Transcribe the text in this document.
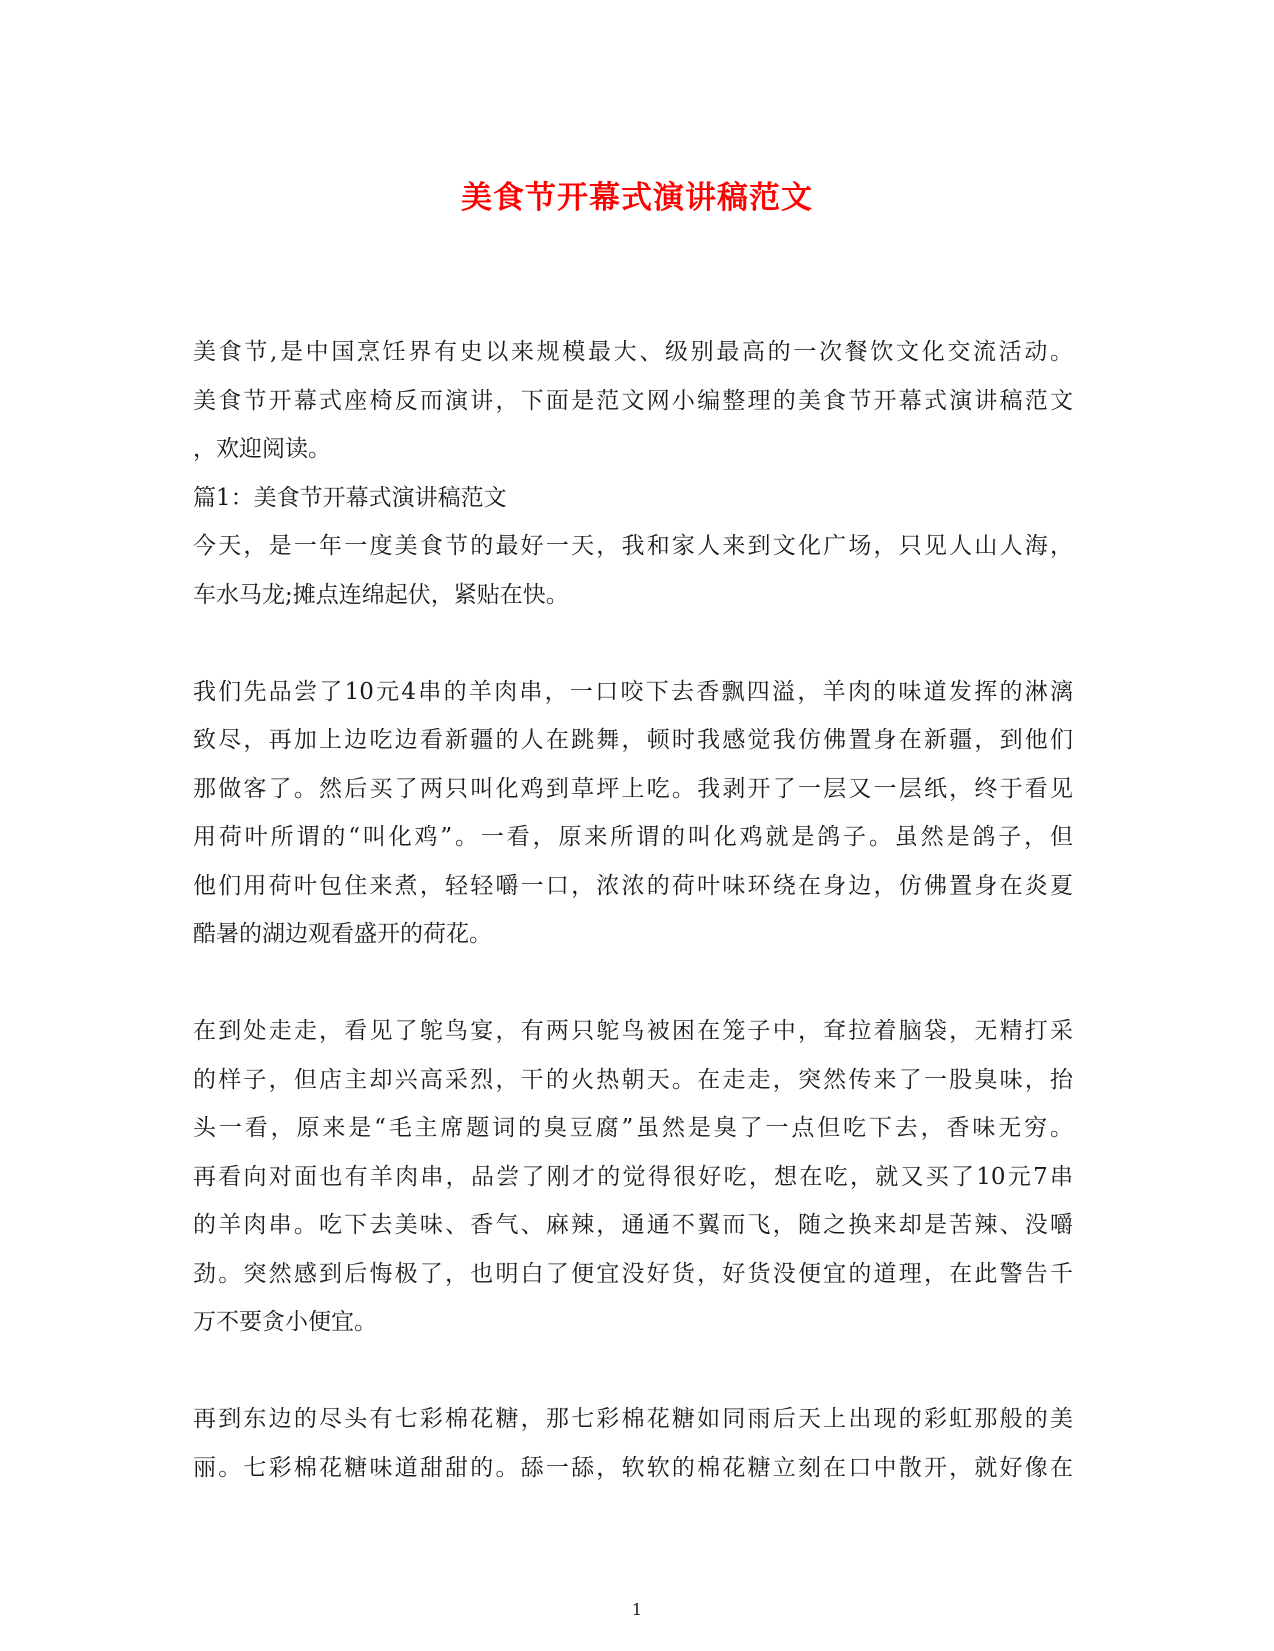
美食节开幕式演讲稿范文
美食节,是中国烹饪界有史以来规模最大、级别最高的一次餐饮文化交流活动。
美食节开幕式座椅反而演讲，下面是范文网小编整理的美食节开幕式演讲稿范文
，欢迎阅读。
篇1：美食节开幕式演讲稿范文
今天，是一年一度美食节的最好一天，我和家人来到文化广场，只见人山人海，
车水马龙;摊点连绵起伏，紧贴在快。
我们先品尝了10元4串的羊肉串，一口咬下去香飘四溢，羊肉的味道发挥的淋漓
致尽，再加上边吃边看新疆的人在跳舞，顿时我感觉我仿佛置身在新疆，到他们
那做客了。然后买了两只叫化鸡到草坪上吃。我剥开了一层又一层纸，终于看见
用荷叶所谓的“叫化鸡”。一看，原来所谓的叫化鸡就是鸽子。虽然是鸽子，但
他们用荷叶包住来煮，轻轻嚼一口，浓浓的荷叶味环绕在身边，仿佛置身在炎夏
酷暑的湖边观看盛开的荷花。
在到处走走，看见了鸵鸟宴，有两只鸵鸟被困在笼子中，耷拉着脑袋，无精打采
的样子，但店主却兴高采烈，干的火热朝天。在走走，突然传来了一股臭味，抬
头一看，原来是“毛主席题词的臭豆腐”虽然是臭了一点但吃下去，香味无穷。
再看向对面也有羊肉串，品尝了刚才的觉得很好吃，想在吃，就又买了10元7串
的羊肉串。吃下去美味、香气、麻辣，通通不翼而飞，随之换来却是苦辣、没嚼
劲。突然感到后悔极了，也明白了便宜没好货，好货没便宜的道理，在此警告千
万不要贪小便宜。
再到东边的尽头有七彩棉花糖，那七彩棉花糖如同雨后天上出现的彩虹那般的美
丽。七彩棉花糖味道甜甜的。舔一舔，软软的棉花糖立刻在口中散开，就好像在
1
